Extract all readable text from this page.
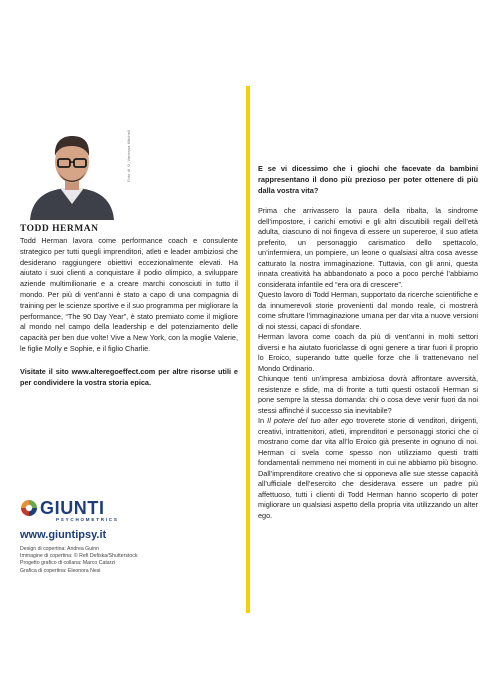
Foto di © Vanessa Mitchell
TODD HERMAN

Todd Herman lavora come performance coach e consulente strategico per tutti quegli imprenditori, atleti e leader ambiziosi che desiderano raggiungere obiettivi eccezionalmente elevati. Ha aiutato i suoi clienti a conquistare il podio olimpico, a sviluppare aziende multimilionarie e a creare marchi conosciuti in tutto il mondo. Per più di vent’anni è stato a capo di una compagnia di training per le scienze sportive e il suo programma per migliorare la performance, “The 90 Day Year”, è stato premiato come il migliore al mondo nel campo della leadership e del potenziamento delle capacità per ben due volte! Vive a New York, con la moglie Valerie, le figlie Molly e Sophie, e il figlio Charlie.

Visitate il sito www.alteregoeffect.com per altre risorse utili e per condividere la vostra storia epica.

GIUNTI
PSYCHOMETRICS
www.giuntipsy.it
Design di copertina: Andrea Guinn
Immagine di copertina: © Refi Defiska/Shutterstock
Progetto grafico di collana: Marco Catarzi
Grafica di copertina: Eleonora Nesi

E se vi dicessimo che i giochi che facevate da bambini rappresentano il dono più prezioso per poter ottenere di più dalla vostra vita?

Prima che arrivassero la paura della ribalta, la sindrome dell’impostore, i carichi emotivi e gli altri discutibili regali dell’età adulta, ciascuno di noi fingeva di essere un supereroe, il suo atleta preferito, un personaggio carismatico dello spettacolo, un’infermiera, un pompiere, un leone o qualsiasi altra cosa avesse catturato la nostra immaginazione. Tuttavia, con gli anni, questa innata creatività ha abbandonato a poco a poco perché l’abbiamo considerata infantile ed “era ora di crescere”.

Questo lavoro di Todd Herman, supportato da ricerche scientifiche e da innumerevoli storie provenienti dal mondo reale, ci mostrerà come sfruttare l’immaginazione umana per dar vita a nuove versioni di noi stessi, capaci di sfondare.

Herman lavora come coach da più di vent’anni in molti settori diversi e ha aiutato fuoriclasse di ogni genere a tirar fuori il proprio lo Eroico, superando tutte quelle forze che li trattenevano nel Mondo Ordinario.

Chiunque tenti un’impresa ambiziosa dovrà affrontare avversità, resistenze e sfide, ma di fronte a tutti questi ostacoli Herman si pone sempre la stessa domanda: chi o cosa deve venir fuori da noi stessi affinché il successo sia inevitabile?

In Il potere del tuo alter ego troverete storie di venditori, dirigenti, creativi, intrattenitori, atleti, imprenditori e personaggi storici che ci mostrano come dar vita all’lo Eroico già presente in ognuno di noi. Herman ci svela come spesso non utilizziamo questi tratti fondamentali nemmeno nei momenti in cui ne abbiamo più bisogno. Dall’imprenditore creativo che si opponeva alle sue stesse capacità all’ufficiale dell’esercito che desiderava essere un padre più affettuoso, tutti i clienti di Todd Herman hanno scoperto di poter migliorare un qualsiasi aspetto della propria vita utilizzando un alter ego.
